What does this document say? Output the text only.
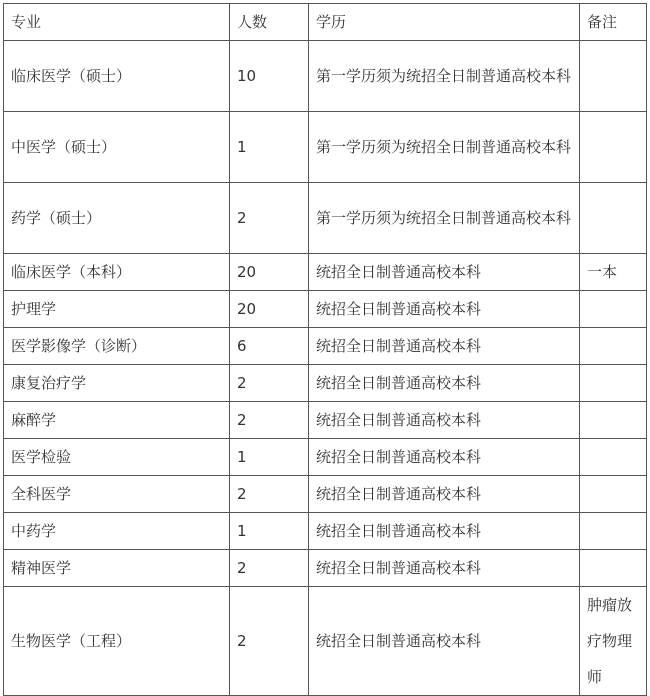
专业	人数	学历	备注
临床医学（硕士）	10	第一学历须为统招全日制普通高校本科	
中医学（硕士）	1	第一学历须为统招全日制普通高校本科	
药学（硕士）	2	第一学历须为统招全日制普通高校本科	
临床医学（本科）	20	统招全日制普通高校本科	一本
护理学	20	统招全日制普通高校本科	
医学影像学（诊断）	6	统招全日制普通高校本科	
康复治疗学	2	统招全日制普通高校本科	
麻醉学	2	统招全日制普通高校本科	
医学检验	1	统招全日制普通高校本科	
全科医学	2	统招全日制普通高校本科	
中药学	1	统招全日制普通高校本科	
精神医学	2	统招全日制普通高校本科	
生物医学（工程）	2	统招全日制普通高校本科	肿瘤放疗物理师
